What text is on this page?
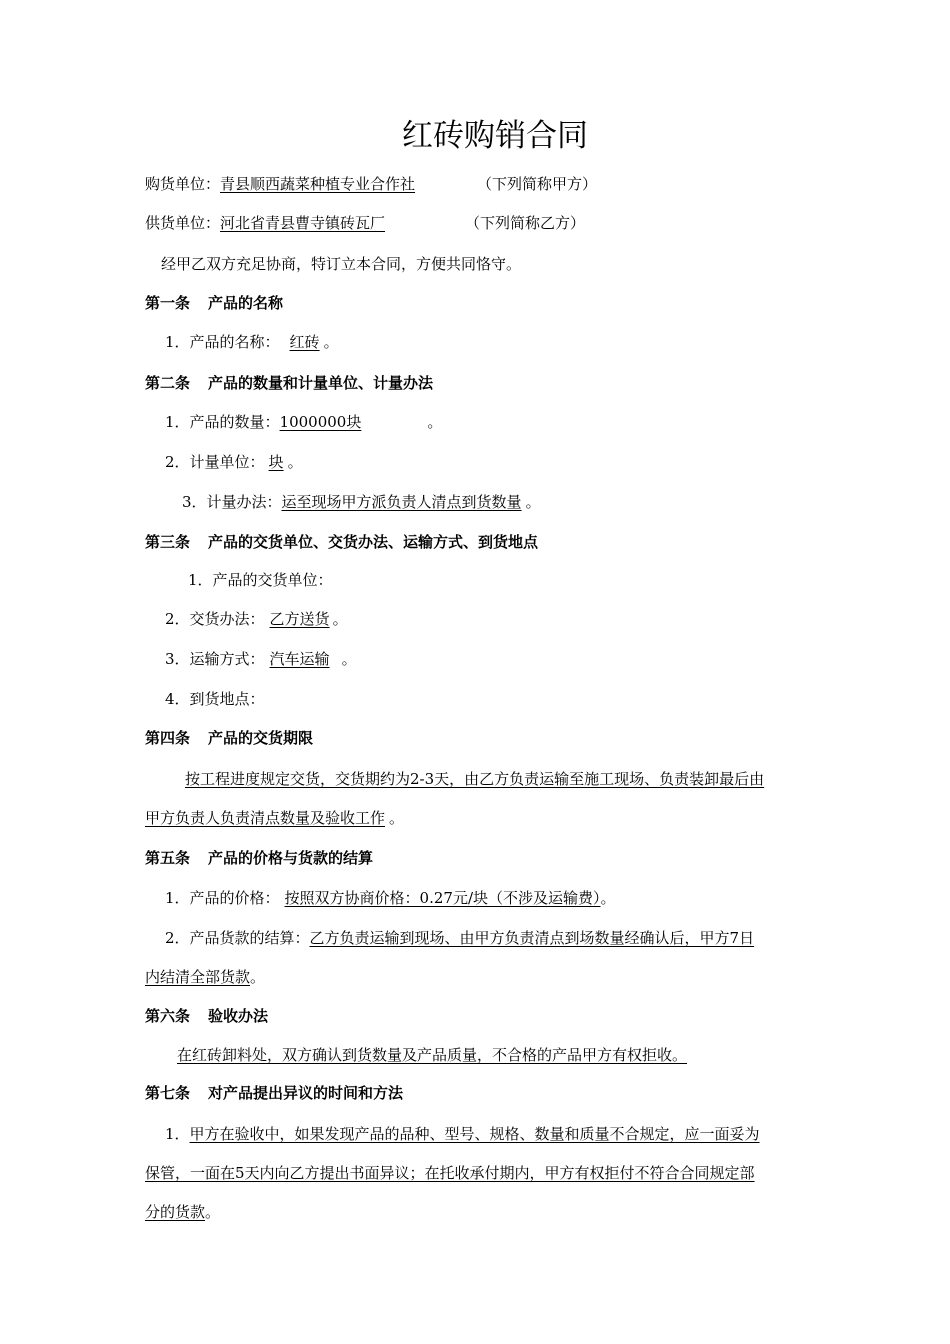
红砖购销合同
购货单位：青县顺西蔬菜种植专业合作社	（下列简称甲方）
供货单位：河北省青县曹寺镇砖瓦厂	（下列简称乙方）
经甲乙双方充足协商，特订立本合同，方便共同恪守。
第一条 产品的名称
1．产品的名称： 红砖 。
第二条 产品的数量和计量单位、计量办法
1．产品的数量：1000000块	。
2．计量单位： 块 。
3．计量办法：运至现场甲方派负责人清点到货数量 。
第三条 产品的交货单位、交货办法、运输方式、到货地点
1．产品的交货单位：
2．交货办法： 乙方送货 。
3．运输方式： 汽车运输 。
4．到货地点：
第四条 产品的交货期限
按工程进度规定交货，交货期约为2-3天，由乙方负责运输至施工现场、负责装卸最后由
甲方负责人负责清点数量及验收工作 。
第五条 产品的价格与货款的结算
1．产品的价格： 按照双方协商价格：0.27元/块（不涉及运输费）。
2．产品货款的结算：乙方负责运输到现场、由甲方负责清点到场数量经确认后，甲方7日
内结清全部货款。
第六条 验收办法
在红砖卸料处，双方确认到货数量及产品质量，不合格的产品甲方有权拒收。
第七条 对产品提出异议的时间和方法
1．甲方在验收中，如果发现产品的品种、型号、规格、数量和质量不合规定，应一面妥为
保管，一面在5天内向乙方提出书面异议；在托收承付期内，甲方有权拒付不符合合同规定部
分的货款。
